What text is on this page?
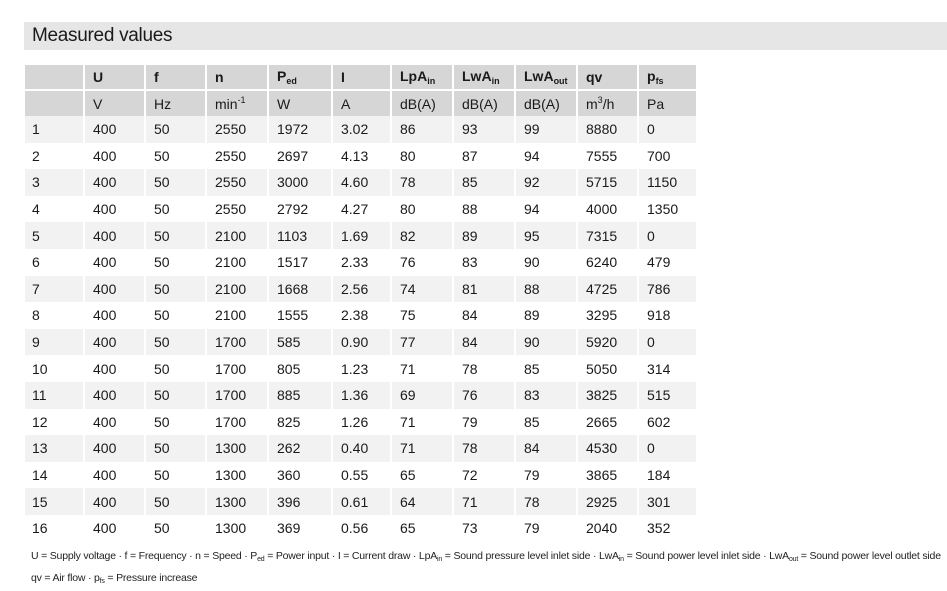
Measured values
	U	f	n	$P_{ed}$	I	LpA$_{in}$	LwA$_{in}$	LwA$_{out}$	qv	$p_{fs}$
	V	Hz	$\min^{-1}$	W	A	dB(A)	dB(A)	dB(A)	$m^3/h$	Pa
1	400	50	2550	1972	3.02	86	93	99	8880	0
2	400	50	2550	2697	4.13	80	87	94	7555	700
3	400	50	2550	3000	4.60	78	85	92	5715	1150
4	400	50	2550	2792	4.27	80	88	94	4000	1350
5	400	50	2100	1103	1.69	82	89	95	7315	0
6	400	50	2100	1517	2.33	76	83	90	6240	479
7	400	50	2100	1668	2.56	74	81	88	4725	786
8	400	50	2100	1555	2.38	75	84	89	3295	918
9	400	50	1700	585	0.90	77	84	90	5920	0
10	400	50	1700	805	1.23	71	78	85	5050	314
11	400	50	1700	885	1.36	69	76	83	3825	515
12	400	50	1700	825	1.26	71	79	85	2665	602
13	400	50	1300	262	0.40	71	78	84	4530	0
14	400	50	1300	360	0.55	65	72	79	3865	184
15	400	50	1300	396	0.61	64	71	78	2925	301
16	400	50	1300	369	0.56	65	73	79	2040	352
U = Supply voltage · f = Frequency · n = Speed · $P_{ed}$ = Power input · I = Current draw · LpA$_{in}$ = Sound pressure level inlet side · LwA$_{in}$ = Sound power level inlet side · LwA$_{out}$ = Sound power level outlet side
qv = Air flow · $p_{fs}$ = Pressure increase
